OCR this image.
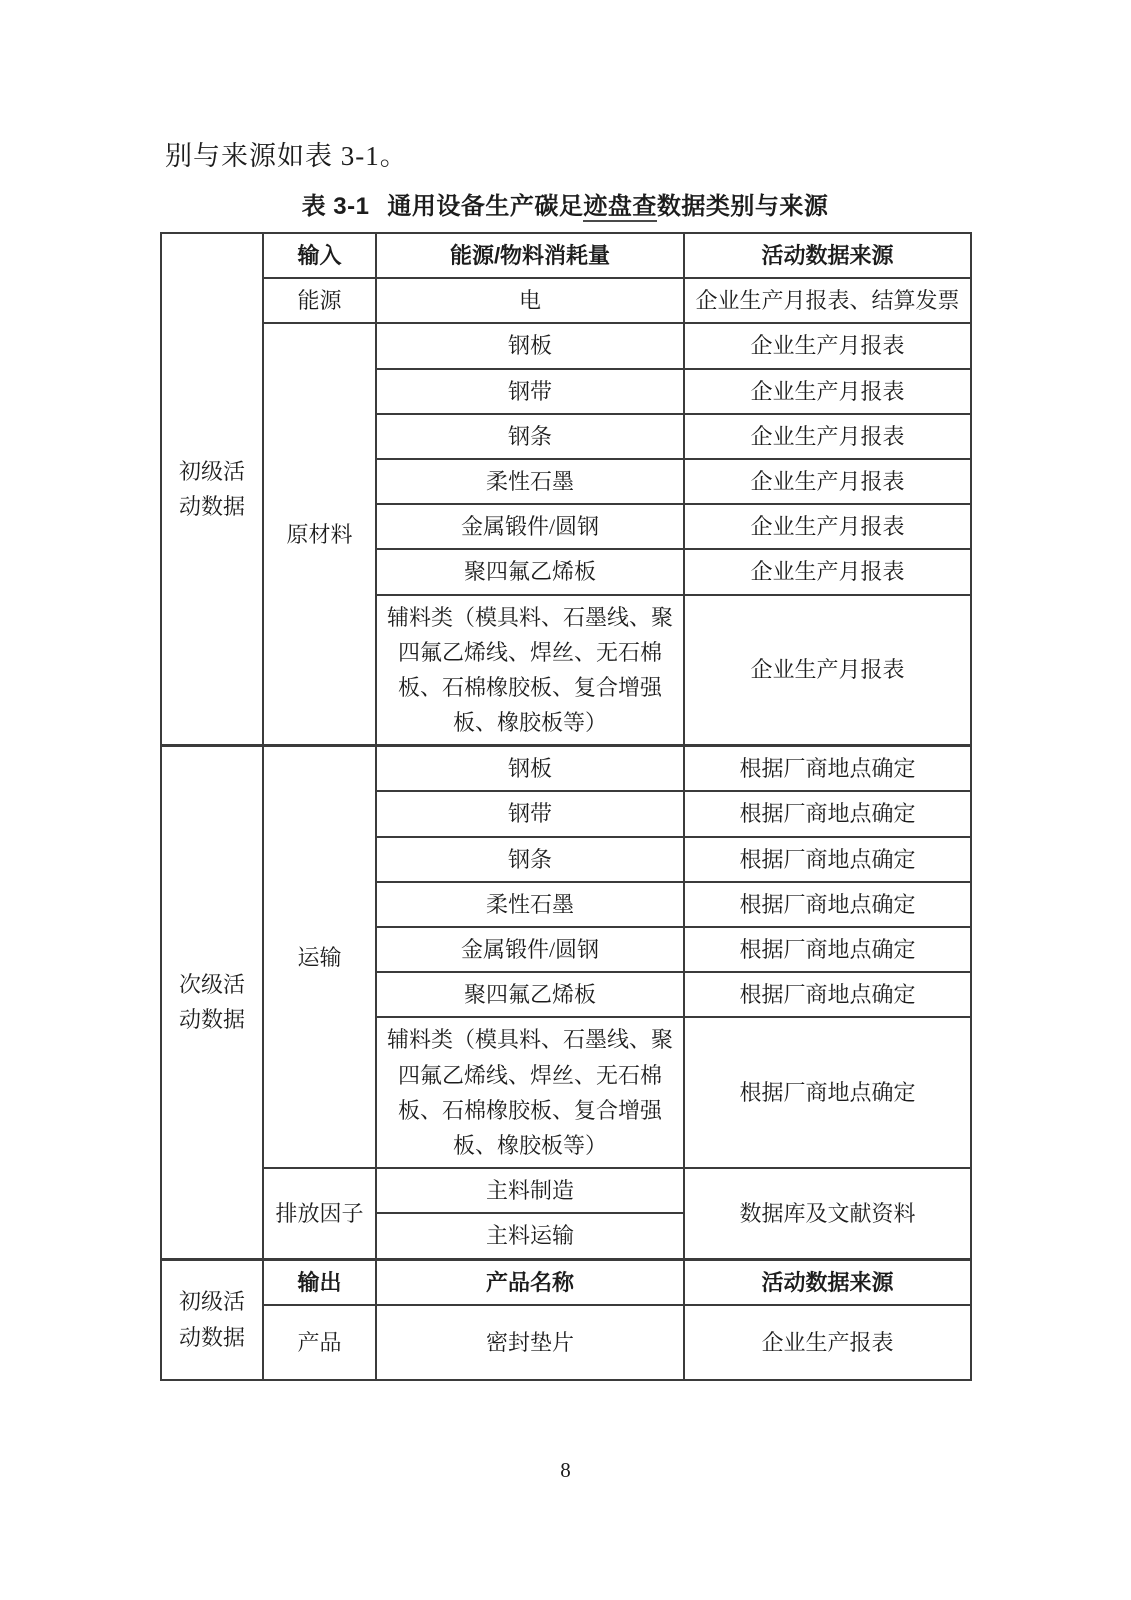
别与来源如表 3-1。

表 3-1 通用设备生产碳足迹盘查数据类别与来源
初级活动数据	输入	能源/物料消耗量	活动数据来源
	能源	电	企业生产月报表、结算发票
	原材料	钢板	企业生产月报表
		钢带	企业生产月报表
		钢条	企业生产月报表
		柔性石墨	企业生产月报表
		金属锻件/圆钢	企业生产月报表
		聚四氟乙烯板	企业生产月报表
		辅料类（模具料、石墨线、聚四氟乙烯线、焊丝、无石棉板、石棉橡胶板、复合增强板、橡胶板等）	企业生产月报表
次级活动数据	运输	钢板	根据厂商地点确定
		钢带	根据厂商地点确定
		钢条	根据厂商地点确定
		柔性石墨	根据厂商地点确定
		金属锻件/圆钢	根据厂商地点确定
		聚四氟乙烯板	根据厂商地点确定
		辅料类（模具料、石墨线、聚四氟乙烯线、焊丝、无石棉板、石棉橡胶板、复合增强板、橡胶板等）	根据厂商地点确定
	排放因子	主料制造	数据库及文献资料
		主料运输	
初级活动数据	输出	产品名称	活动数据来源
	产品	密封垫片	企业生产报表
8
